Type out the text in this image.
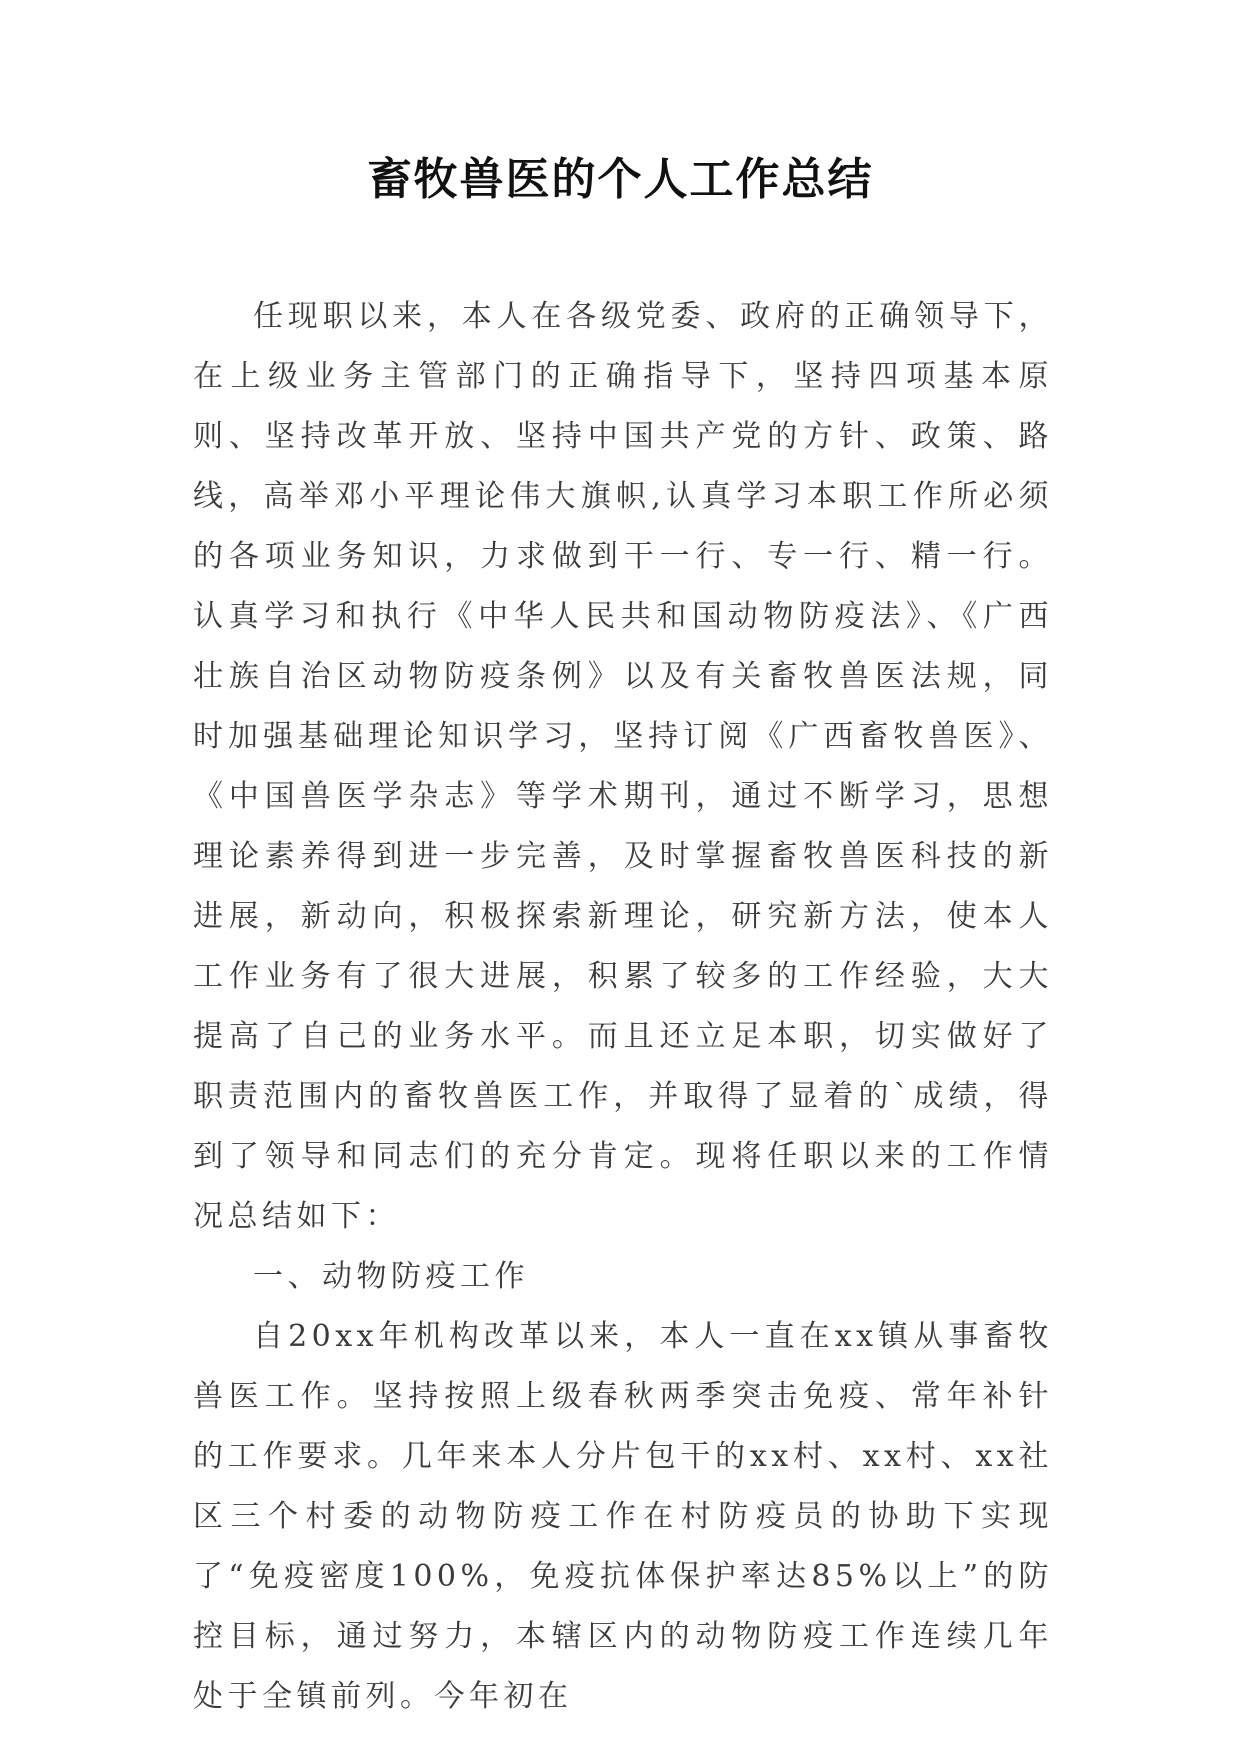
畜牧兽医的个人工作总结

任现职以来，本人在各级党委、政府的正确领导下，在上级业务主管部门的正确指导下，坚持四项基本原则、坚持改革开放、坚持中国共产党的方针、政策、路线，高举邓小平理论伟大旗帜,认真学习本职工作所必须的各项业务知识，力求做到干一行、专一行、精一行。认真学习和执行《中华人民共和国动物防疫法》、《广西壮族自治区动物防疫条例》以及有关畜牧兽医法规，同时加强基础理论知识学习，坚持订阅《广西畜牧兽医》、《中国兽医学杂志》等学术期刊，通过不断学习，思想理论素养得到进一步完善，及时掌握畜牧兽医科技的新进展，新动向，积极探索新理论，研究新方法，使本人工作业务有了很大进展，积累了较多的工作经验，大大提高了自己的业务水平。而且还立足本职，切实做好了职责范围内的畜牧兽医工作，并取得了显着的`成绩，得到了领导和同志们的充分肯定。现将任职以来的工作情况总结如下：

一、动物防疫工作

自20xx年机构改革以来，本人一直在xx镇从事畜牧兽医工作。坚持按照上级春秋两季突击免疫、常年补针的工作要求。几年来本人分片包干的xx村、xx村、xx社区三个村委的动物防疫工作在村防疫员的协助下实现了“免疫密度100%，免疫抗体保护率达85%以上”的防控目标，通过努力，本辖区内的动物防疫工作连续几年处于全镇前列。今年初在
